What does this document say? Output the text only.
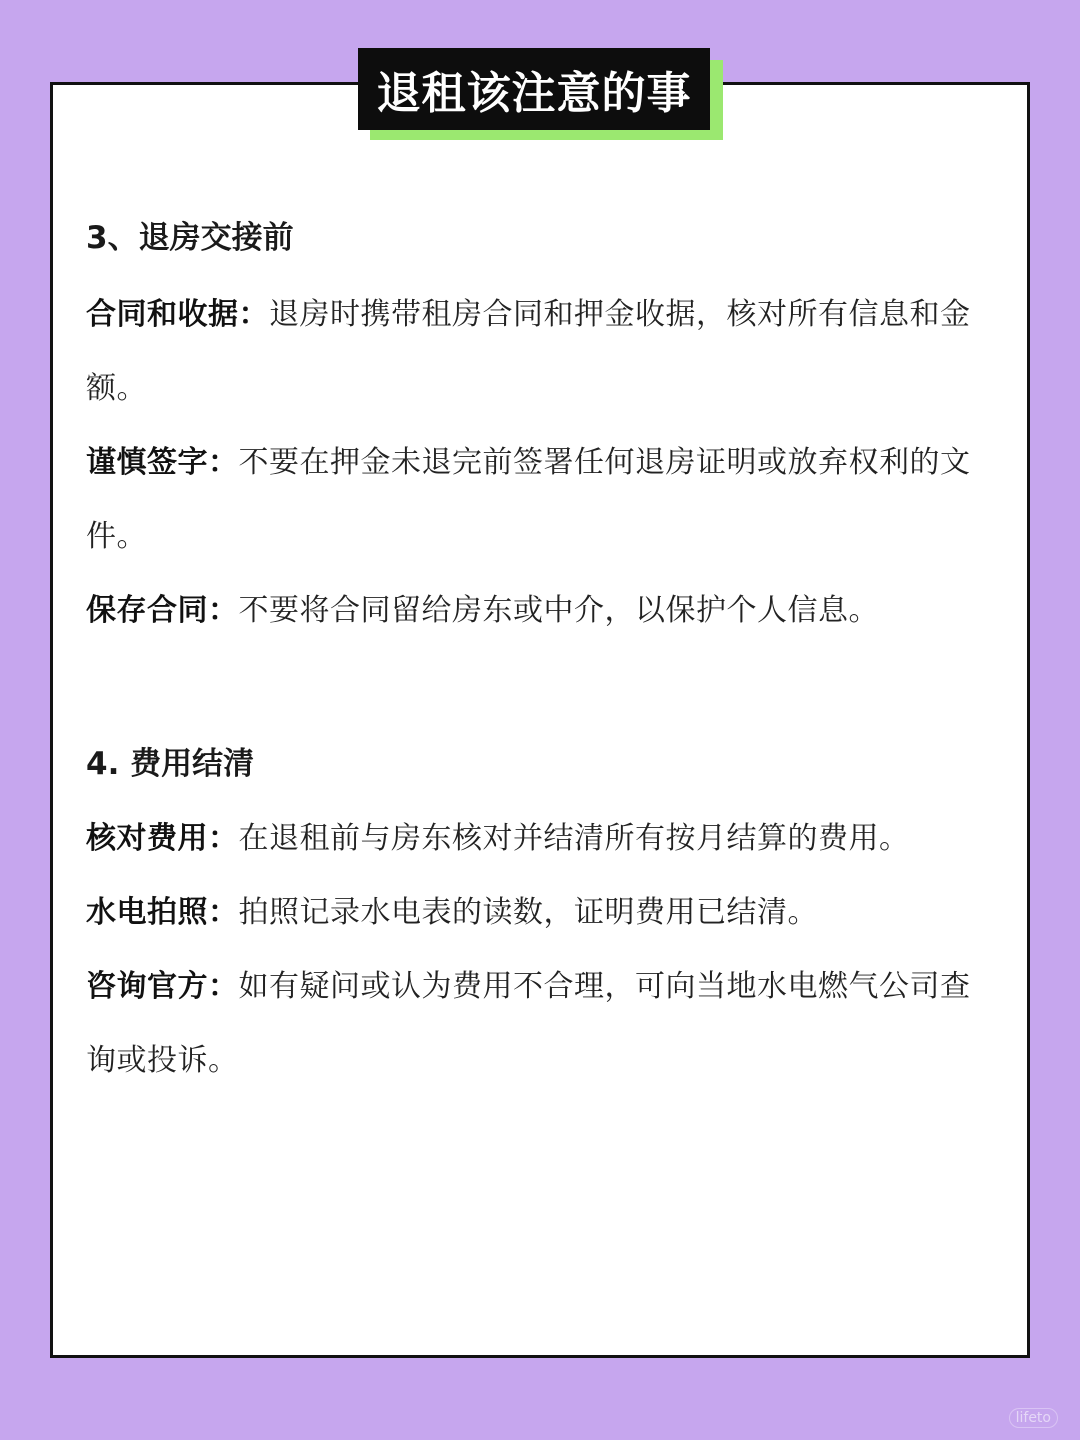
退租该注意的事
3、退房交接前

合同和收据：退房时携带租房合同和押金收据，核对所有信息和金额。

谨慎签字：不要在押金未退完前签署任何退房证明或放弃权利的文件。

保存合同：不要将合同留给房东或中介，以保护个人信息。

4. 费用结清

核对费用：在退租前与房东核对并结清所有按月结算的费用。

水电拍照：拍照记录水电表的读数，证明费用已结清。

咨询官方：如有疑问或认为费用不合理，可向当地水电燃气公司查询或投诉。

lifeto
